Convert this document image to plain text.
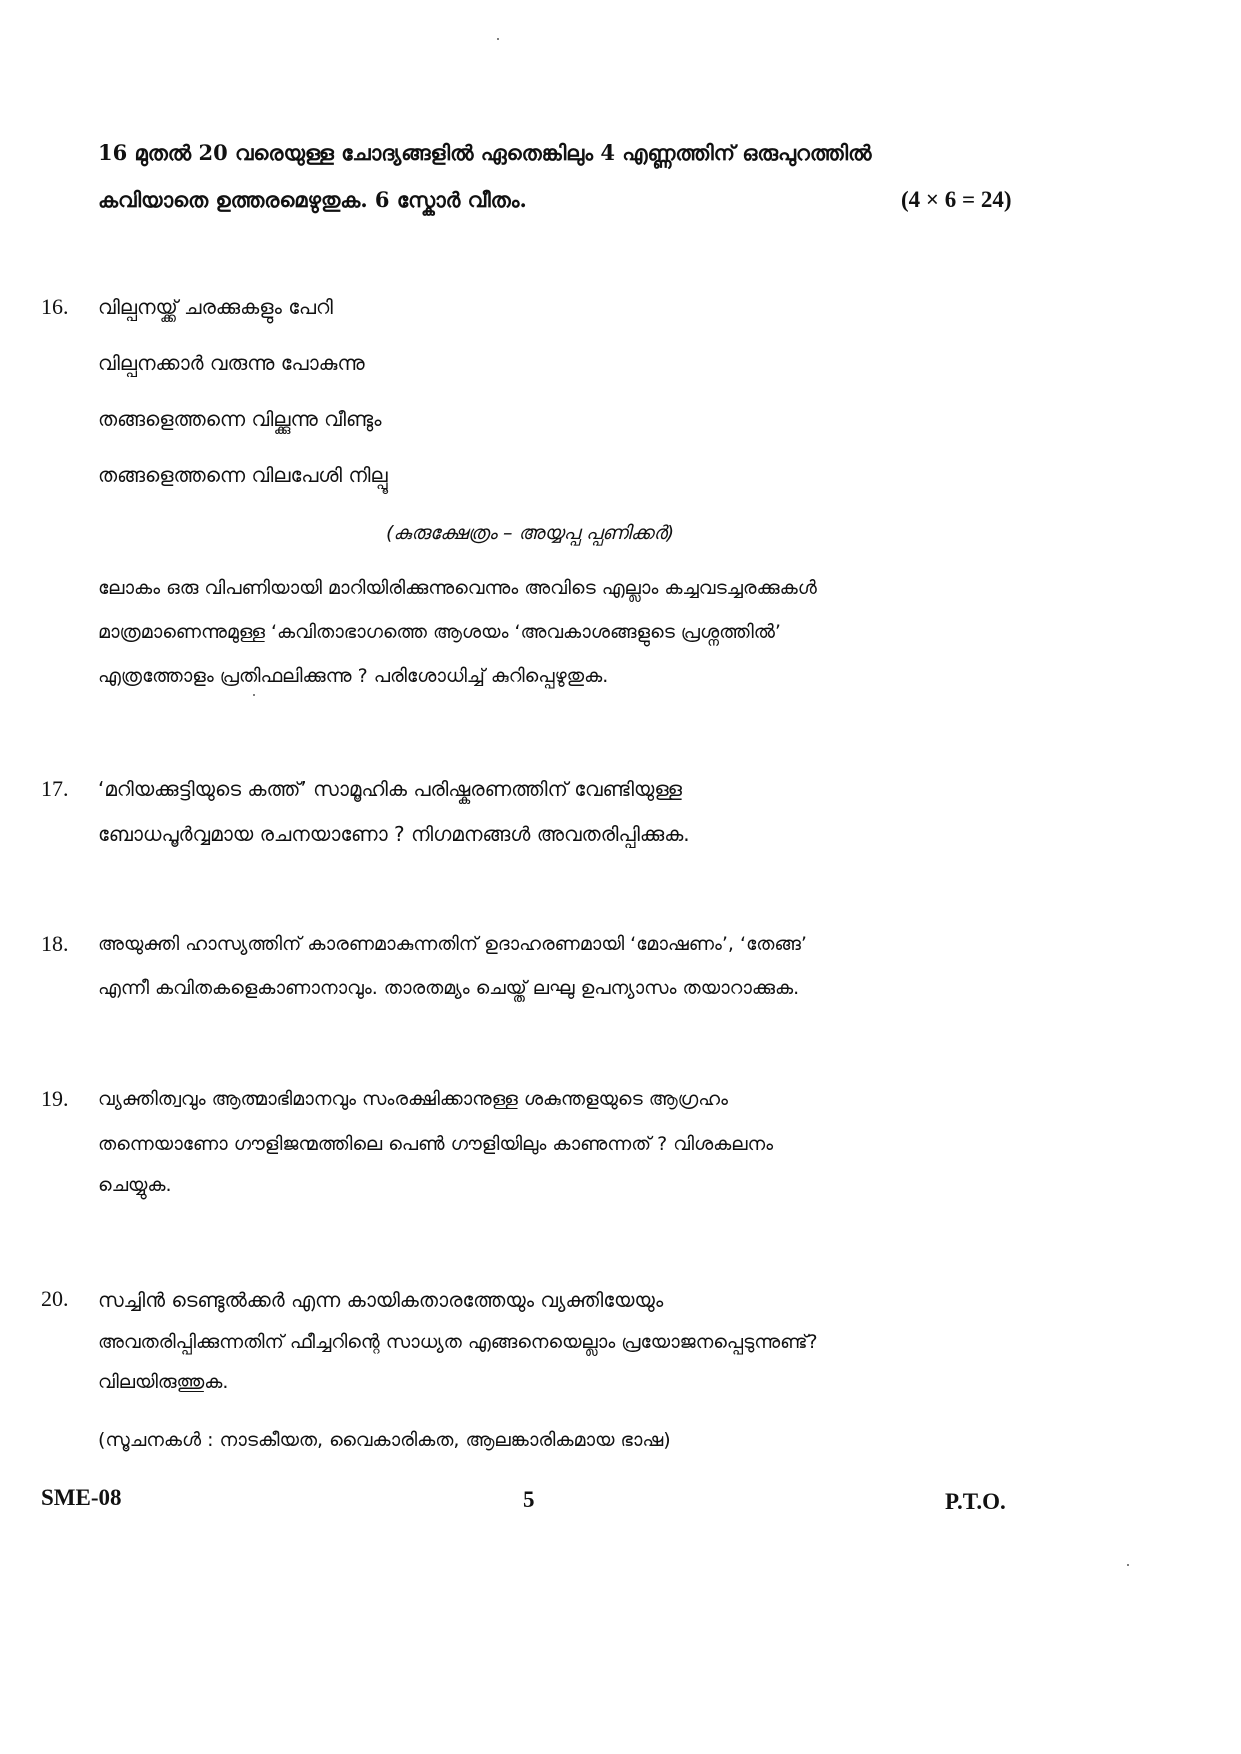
16 മുതൽ 20 വരെയുള്ള ചോദ്യങ്ങളിൽ ഏതെങ്കിലും 4 എണ്ണത്തിന് ഒരുപുറത്തിൽ
കവിയാതെ ഉത്തരമെഴുതുക. 6 സ്കോർ വീതം.	(4 × 6 = 24)
16. വില്പനയ്ക്ക് ചരക്കുകളും പേറി
വില്പനക്കാർ വരുന്നു പോകുന്നു
തങ്ങളെത്തന്നെ വില്ക്കുന്നു വീണ്ടും
തങ്ങളെത്തന്നെ വിലപേശി നില്പൂ
(കുരുക്ഷേത്രം – അയ്യപ്പ പ്പണിക്കർ)
ലോകം ഒരു വിപണിയായി മാറിയിരിക്കുന്നുവെന്നും അവിടെ എല്ലാം കച്ചവടച്ചരക്കുകൾ
മാത്രമാണെന്നുമുള്ള ‘കവിതാഭാഗത്തെ ആശയം ‘അവകാശങ്ങളുടെ പ്രശ്നത്തിൽ’
എത്രത്തോളം പ്രതിഫലിക്കുന്നു ? പരിശോധിച്ച് കുറിപ്പെഴുതുക.
17. ‘മറിയക്കുട്ടിയുടെ കത്ത്’ സാമൂഹിക പരിഷ്കരണത്തിന് വേണ്ടിയുള്ള
ബോധപൂർവ്വമായ രചനയാണോ ? നിഗമനങ്ങൾ അവതരിപ്പിക്കുക.
18. അയുക്തി ഹാസ്യത്തിന് കാരണമാകുന്നതിന് ഉദാഹരണമായി ‘മോഷണം’, ‘തേങ്ങ’
എന്നീ കവിതകളെകാണാനാവും. താരതമ്യം ചെയ്ത് ലഘു ഉപന്യാസം തയാറാക്കുക.
19. വ്യക്തിത്വവും ആത്മാഭിമാനവും സംരക്ഷിക്കാനുള്ള ശകുന്തളയുടെ ആഗ്രഹം
തന്നെയാണോ ഗൗളിജന്മത്തിലെ പെൺ ഗൗളിയിലും കാണുന്നത് ? വിശകലനം
ചെയ്യുക.
20. സച്ചിൻ ടെണ്ടുൽക്കർ എന്ന കായികതാരത്തേയും വ്യക്തിയേയും
അവതരിപ്പിക്കുന്നതിന് ഫീച്ചറിന്റെ സാധ്യത എങ്ങനെയെല്ലാം പ്രയോജനപ്പെടുന്നുണ്ട്?
വിലയിരുത്തുക.
(സൂചനകൾ : നാടകീയത, വൈകാരികത, ആലങ്കാരികമായ ഭാഷ)
SME-08	5	P.T.O.
